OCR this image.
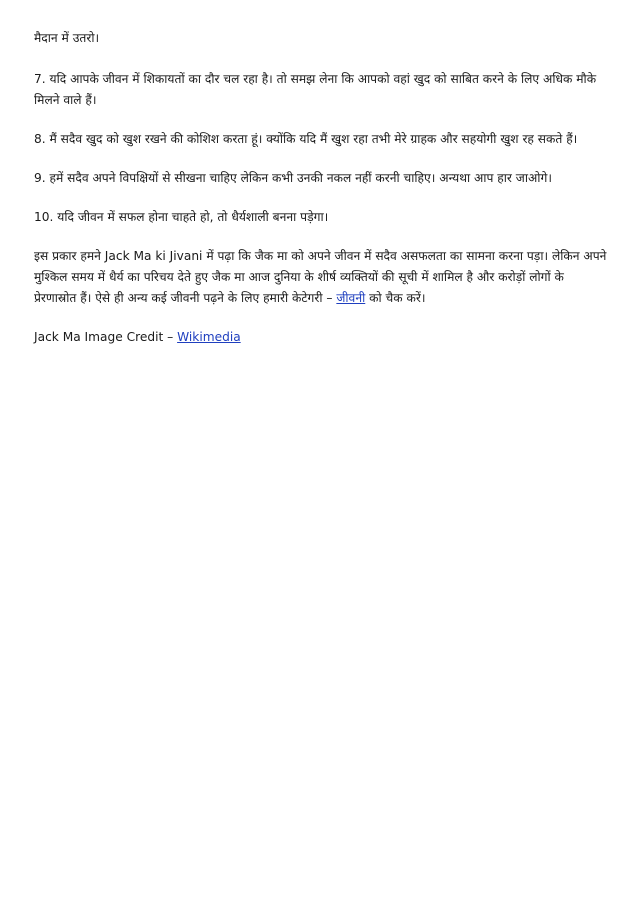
मैदान में उतरो।

7. यदि आपके जीवन में शिकायतों का दौर चल रहा है। तो समझ लेना कि आपको वहां खुद को साबित करने के लिए अधिक मौके मिलने वाले हैं।

8. मैं सदैव खुद को खुश रखने की कोशिश करता हूं। क्योंकि यदि मैं खुश रहा तभी मेरे ग्राहक और सहयोगी खुश रह सकते हैं।

9. हमें सदैव अपने विपक्षियों से सीखना चाहिए लेकिन कभी उनकी नकल नहीं करनी चाहिए। अन्यथा आप हार जाओगे।

10. यदि जीवन में सफल होना चाहते हो, तो धैर्यशाली बनना पड़ेगा।

इस प्रकार हमने Jack Ma ki Jivani में पढ़ा कि जैक मा को अपने जीवन में सदैव असफलता का सामना करना पड़ा। लेकिन अपने मुश्किल समय में धैर्य का परिचय देते हुए जैक मा आज दुनिया के शीर्ष व्यक्तियों की सूची में शामिल है और करोड़ों लोगों के प्रेरणास्रोत हैं। ऐसे ही अन्य कई जीवनी पढ़ने के लिए हमारी केटेगरी – जीवनी को चैक करें।

Jack Ma Image Credit – Wikimedia
